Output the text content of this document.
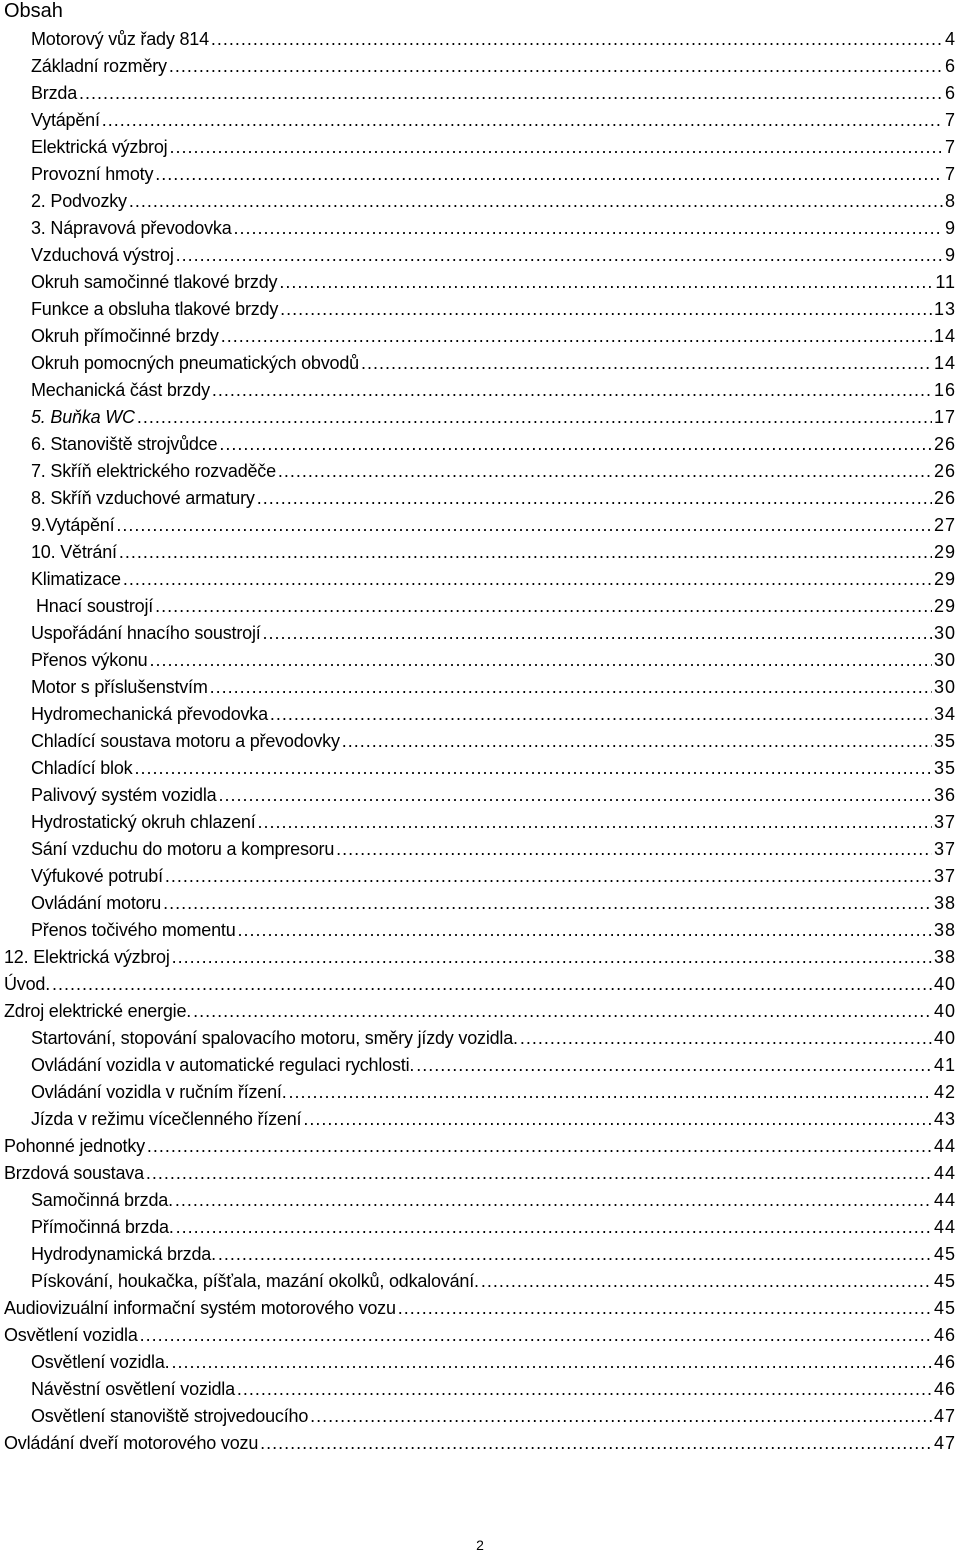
Obsah
Motorový vůz řady 814 .....	4
Základní rozměry .....	6
Brzda .....	6
Vytápění .....	7
Elektrická výzbroj .....	7
Provozní hmoty .....	7
2. Podvozky .....	8
3. Nápravová převodovka .....	9
Vzduchová výstroj .....	9
Okruh samočinné tlakové brzdy .....	11
Funkce a obsluha tlakové brzdy .....	13
Okruh přímočinné brzdy .....	14
Okruh pomocných pneumatických obvodů .....	14
Mechanická část brzdy .....	16
5. Buňka WC .....	17
6. Stanoviště strojvůdce .....	26
7. Skříň elektrického rozvaděče .....	26
8. Skříň vzduchové armatury .....	26
9.Vytápění .....	27
10. Větrání .....	29
Klimatizace .....	29
Hnací soustrojí .....	29
Uspořádání hnacího soustrojí .....	30
Přenos výkonu .....	30
Motor s příslušenstvím .....	30
Hydromechanická převodovka .....	34
Chladící soustava motoru a převodovky .....	35
Chladící blok .....	35
Palivový systém vozidla .....	36
Hydrostatický okruh chlazení .....	37
Sání vzduchu do motoru a kompresoru .....	37
Výfukové potrubí .....	37
Ovládání motoru .....	38
Přenos točivého momentu .....	38
12. Elektrická výzbroj .....	38
Úvod. .....	40
Zdroj elektrické energie. .....	40
Startování, stopování spalovacího motoru, směry jízdy vozidla. .....	40
Ovládání vozidla v automatické regulaci rychlosti. .....	41
Ovládání vozidla v ručním řízení. .....	42
Jízda v režimu vícečlenného řízení .....	43
Pohonné jednotky .....	44
Brzdová soustava .....	44
Samočinná brzda. .....	44
Přímočinná brzda. .....	44
Hydrodynamická brzda. .....	45
Pískování, houkačka, píšťala, mazání okolků, odkalování. .....	45
Audiovizuální informační systém motorového vozu .....	45
Osvětlení vozidla .....	46
Osvětlení vozidla. .....	46
Návěstní osvětlení vozidla .....	46
Osvětlení stanoviště strojvedoucího .....	47
Ovládání dveří motorového vozu .....	47
2
